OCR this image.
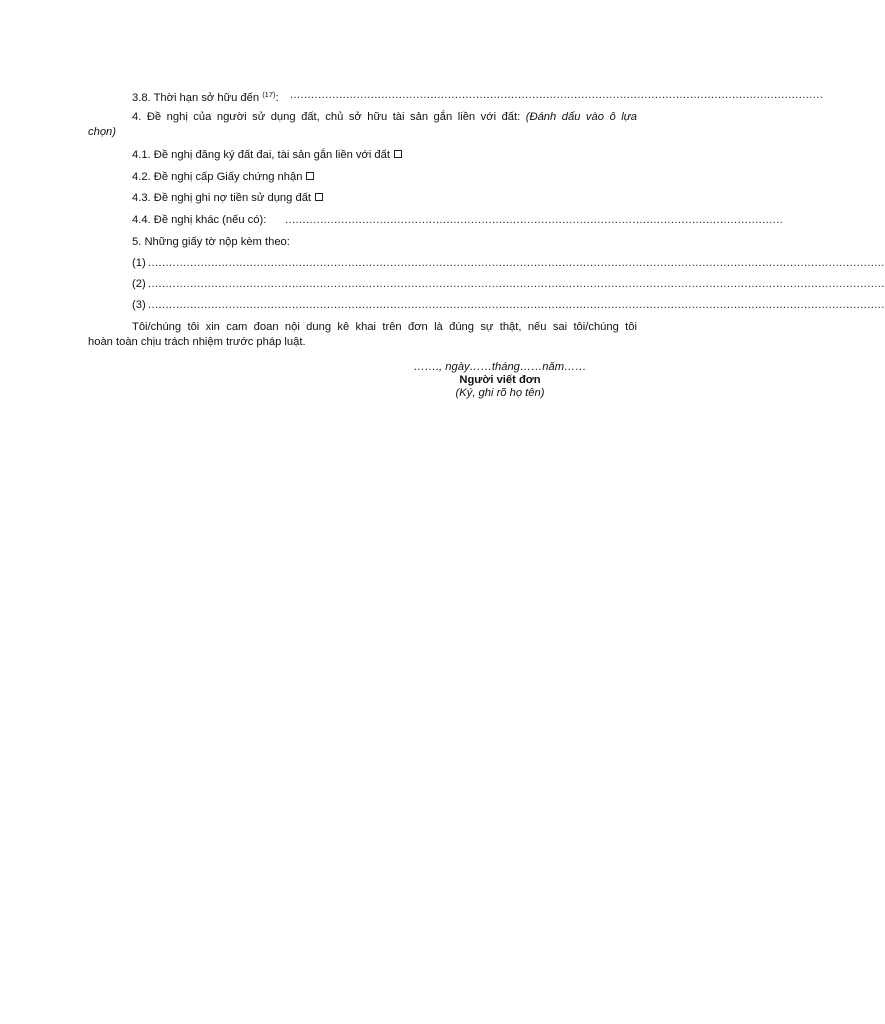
3.8. Thời hạn sở hữu đến $^{(17)}$: ........................................................................................................................................................
4. Đề nghị của người sử dụng đất, chủ sở hữu tài sản gắn liền với đất: (Đánh dấu vào ô lựa
chọn)
4.1. Đề nghị đăng ký đất đai, tài sản gắn liền với đất
4.2. Đề nghị cấp Giấy chứng nhận
4.3. Đề nghị ghi nợ tiền sử dụng đất
4.4. Đề nghị khác (nếu có): ..............................................................................................................................................
5. Những giấy tờ nộp kèm theo:
(1) ..................................................................................................................................................................................................................
(2) ..................................................................................................................................................................................................................
(3) ..................................................................................................................................................................................................................
Tôi/chúng tôi xin cam đoan nội dung kê khai trên đơn là đúng sự thật, nếu sai tôi/chúng tôi
hoàn toàn chịu trách nhiệm trước pháp luật.
……., ngày……tháng……năm……
Người viết đơn
(Ký, ghi rõ họ tên)
